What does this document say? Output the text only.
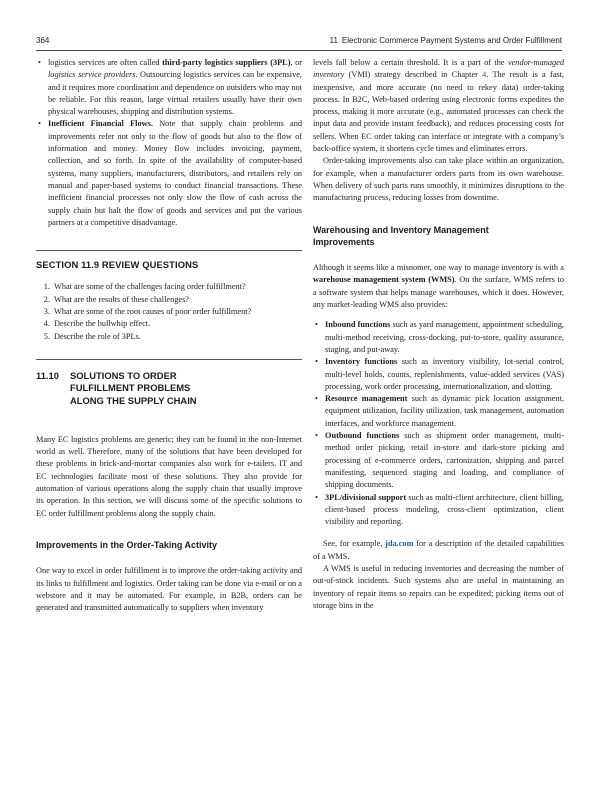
364	11 Electronic Commerce Payment Systems and Order Fulfillment
• logistics services are often called third-party logistics suppliers (3PL), or logistics service providers. Outsourcing logistics services can be expensive, and it requires more coordination and dependence on outsiders who may not be reliable. For this reason, large virtual retailers usually have their own physical warehouses, shipping and distribution systems.
• Inefficient Financial Flows. Note that supply chain problems and improvements refer not only to the flow of goods but also to the flow of information and money. Money flow includes invoicing, payment, collection, and so forth. In spite of the availability of computer-based systems, many suppliers, manufacturers, distributors, and retailers rely on manual and paper-based systems to conduct financial transactions. These inefficient financial processes not only slow the flow of cash across the supply chain but halt the flow of goods and services and put the various partners at a competitive disadvantage.
SECTION 11.9 REVIEW QUESTIONS
1. What are some of the challenges facing order fulfillment?
2. What are the results of these challenges?
3. What are some of the root causes of poor order fulfillment?
4. Describe the bullwhip effect.
5. Describe the role of 3PLs.
11.10	SOLUTIONS TO ORDER
FULFILLMENT PROBLEMS
ALONG THE SUPPLY CHAIN

Many EC logistics problems are generic; they can be found in the non-Internet world as well. Therefore, many of the solutions that have been developed for these problems in brick-and-mortar companies also work for e-tailers. IT and EC technologies facilitate most of these solutions. They also provide for automation of various operations along the supply chain that usually improve its operation. In this section, we will discuss some of the specific solutions to EC order fulfillment problems along the supply chain.

Improvements in the Order-Taking Activity

One way to excel in order fulfillment is to improve the order-taking activity and its links to fulfillment and logistics. Order taking can be done via e-mail or on a webstore and it may be automated. For example, in B2B, orders can be generated and transmitted automatically to suppliers when inventory

levels fall below a certain threshold. It is a part of the vendor-managed inventory (VMI) strategy described in Chapter 4. The result is a fast, inexpensive, and more accurate (no need to rekey data) order-taking process. In B2C, Web-based ordering using electronic forms expedites the process, making it more accurate (e.g., automated processes can check the input data and provide instant feedback), and reduces processing costs for sellers. When EC order taking can interface or integrate with a company’s back-office system, it shortens cycle times and eliminates errors.

Order-taking improvements also can take place within an organization, for example, when a manufacturer orders parts from its own warehouse. When delivery of such parts runs smoothly, it minimizes disruptions to the manufacturing process, reducing losses from downtime.

Warehousing and Inventory Management
Improvements

Although it seems like a misnomer, one way to manage inventory is with a warehouse management system (WMS). On the surface, WMS refers to a software system that helps manage warehouses, which it does. However, any market-leading WMS also provides:

• Inbound functions such as yard management, appointment scheduling, multi-method receiving, cross-docking, put-to-store, quality assurance, staging, and put-away.
• Inventory functions such as inventory visibility, lot-serial control, multi-level holds, counts, replenishments, value-added services (VAS) processing, work order processing, internationalization, and slotting.
• Resource management such as dynamic pick location assignment, equipment utilization, facility utilization, task management, automation interfaces, and workforce management.
• Outbound functions such as shipment order management, multi-method order picking, retail in-store and dark-store picking and processing of e-commerce orders, cartonization, shipping and parcel manifesting, sequenced staging and loading, and compliance of shipping documents.
• 3PL/divisional support such as multi-client architecture, client billing, client-based process modeling, cross-client optimization, client visibility and reporting.

See, for example, jda.com for a description of the detailed capabilities of a WMS.

A WMS is useful in reducing inventories and decreasing the number of out-of-stock incidents. Such systems also are useful in maintaining an inventory of repair items so repairs can be expedited; picking items out of storage bins in the
